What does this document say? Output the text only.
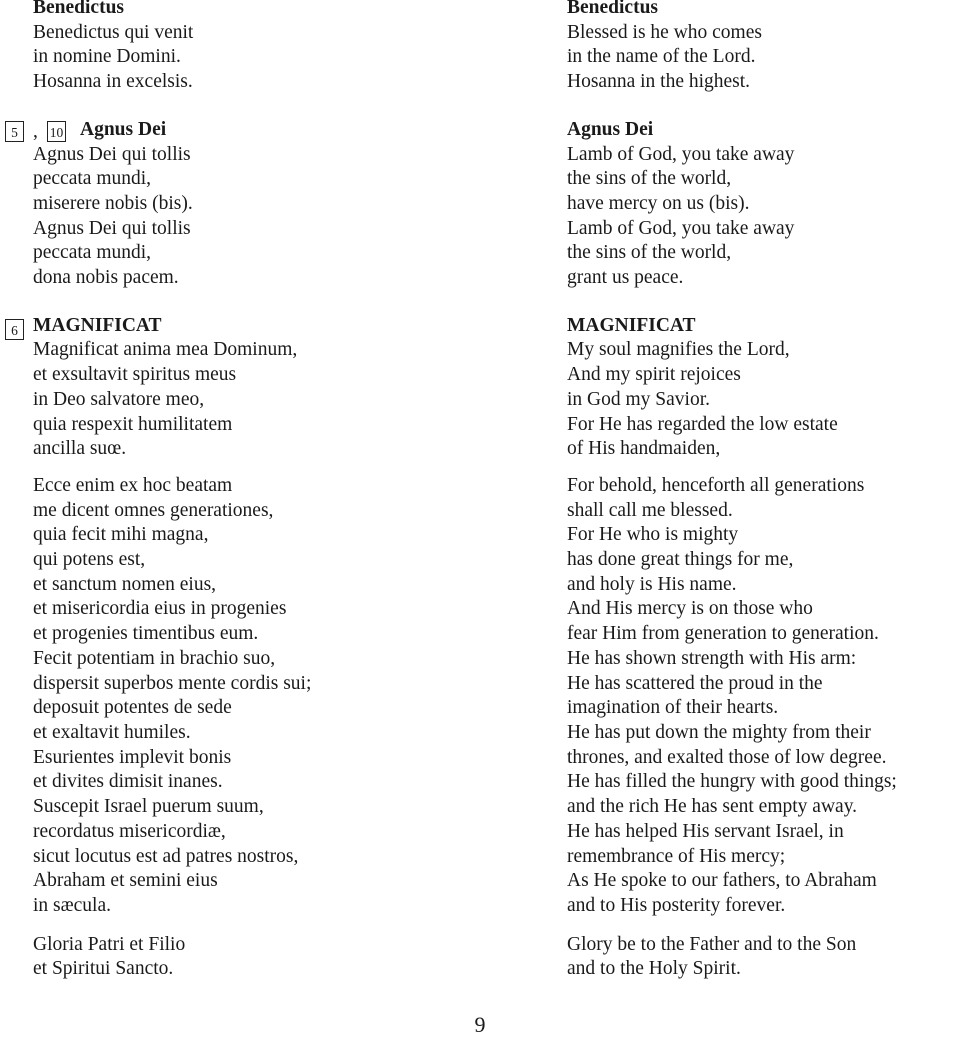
5 , 10
6
Benedictus
Benedictus qui venit
in nomine Domini.
Hosanna in excelsis.
Agnus Dei
Agnus Dei qui tollis
peccata mundi,
miserere nobis (bis).
Agnus Dei qui tollis
peccata mundi,
dona nobis pacem.
MAGNIFICAT
Magnificat anima mea Dominum,
et exsultavit spiritus meus
in Deo salvatore meo,
quia respexit humilitatem
ancilla suœ.
Ecce enim ex hoc beatam
me dicent omnes generationes,
quia fecit mihi magna,
qui potens est,
et sanctum nomen eius,
et misericordia eius in progenies
et progenies timentibus eum.
Fecit potentiam in brachio suo,
dispersit superbos mente cordis sui;
deposuit potentes de sede
et exaltavit humiles.
Esurientes implevit bonis
et divites dimisit inanes.
Suscepit Israel puerum suum,
recordatus misericordiæ,
sicut locutus est ad patres nostros,
Abraham et semini eius
in sæcula.
Gloria Patri et Filio
et Spiritui Sancto.
Benedictus
Blessed is he who comes
in the name of the Lord.
Hosanna in the highest.
Agnus Dei
Lamb of God, you take away
the sins of the world,
have mercy on us (bis).
Lamb of God, you take away
the sins of the world,
grant us peace.
MAGNIFICAT
My soul magnifies the Lord,
And my spirit rejoices
in God my Savior.
For He has regarded the low estate
of His handmaiden,
For behold, henceforth all generations
shall call me blessed.
For He who is mighty
has done great things for me,
and holy is His name.
And His mercy is on those who
fear Him from generation to generation.
He has shown strength with His arm:
He has scattered the proud in the
imagination of their hearts.
He has put down the mighty from their
thrones, and exalted those of low degree.
He has filled the hungry with good things;
and the rich He has sent empty away.
He has helped His servant Israel, in
remembrance of His mercy;
As He spoke to our fathers, to Abraham
and to His posterity forever.
Glory be to the Father and to the Son
and to the Holy Spirit.
9
